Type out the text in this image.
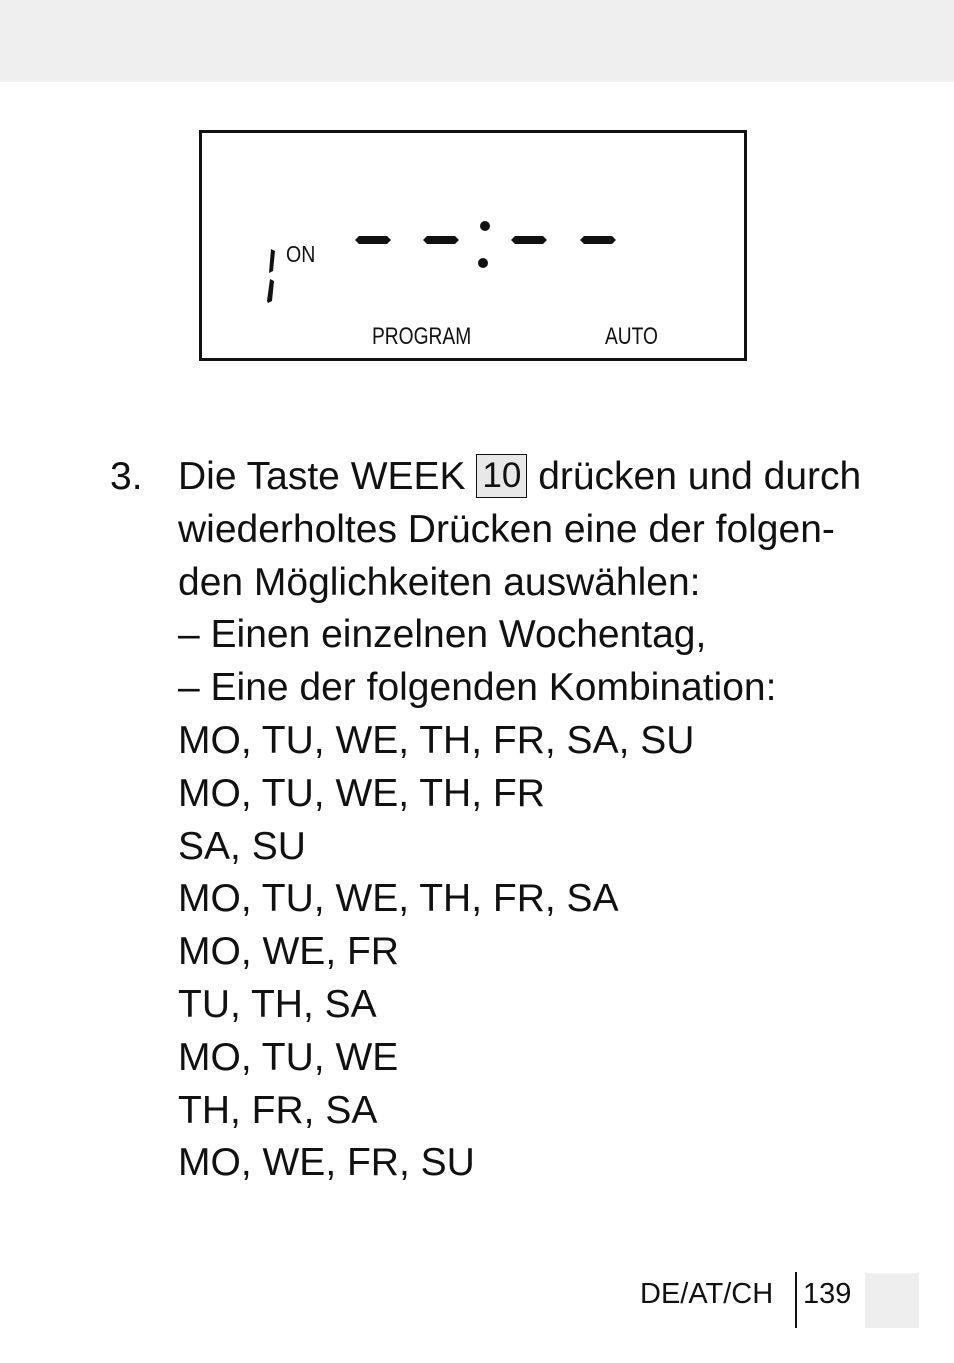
ON
PROGRAM	AUTO
3. Die Taste WEEK 10 drücken und durch
wiederholtes Drücken eine der folgen-
den Möglichkeiten auswählen:
– Einen einzelnen Wochentag,
– Eine der folgenden Kombination:
MO, TU, WE, TH, FR, SA, SU
MO, TU, WE, TH, FR
SA, SU
MO, TU, WE, TH, FR, SA
MO, WE, FR
TU, TH, SA
MO, TU, WE
TH, FR, SA
MO, WE, FR, SU
DE/AT/CH 139
